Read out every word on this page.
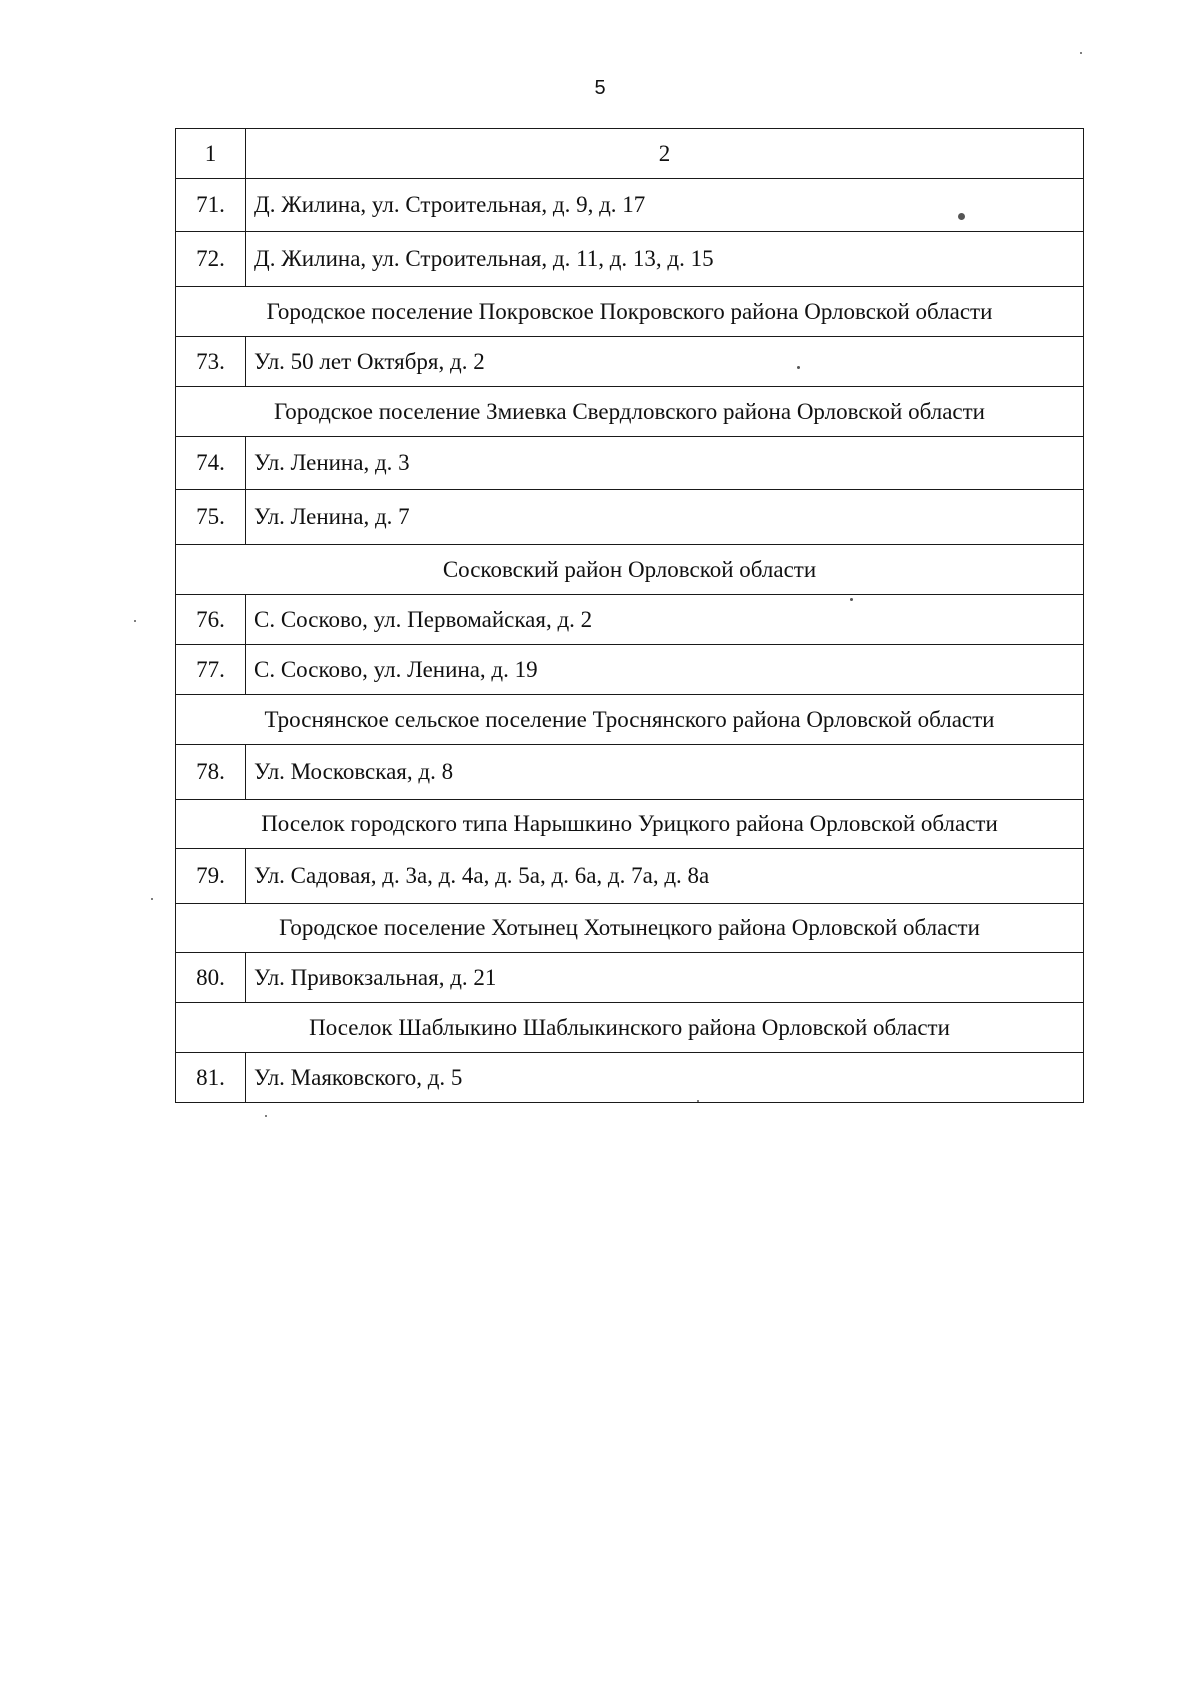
5
1	2
71.	Д. Жилина, ул. Строительная, д. 9, д. 17
72.	Д. Жилина, ул. Строительная, д. 11, д. 13, д. 15
Городское поселение Покровское Покровского района Орловской области	
73.	Ул. 50 лет Октября, д. 2
Городское поселение Змиевка Свердловского района Орловской области	
74.	Ул. Ленина, д. 3
75.	Ул. Ленина, д. 7
Сосковский район Орловской области	
76.	С. Сосково, ул. Первомайская, д. 2
77.	С. Сосково, ул. Ленина, д. 19
Троснянское сельское поселение Троснянского района Орловской области	
78.	Ул. Московская, д. 8
Поселок городского типа Нарышкино Урицкого района Орловской области	
79.	Ул. Садовая, д. 3а, д. 4а, д. 5а, д. 6а, д. 7а, д. 8а
Городское поселение Хотынец Хотынецкого района Орловской области	
80.	Ул. Привокзальная, д. 21
Поселок Шаблыкино Шаблыкинского района Орловской области	
81.	Ул. Маяковского, д. 5
